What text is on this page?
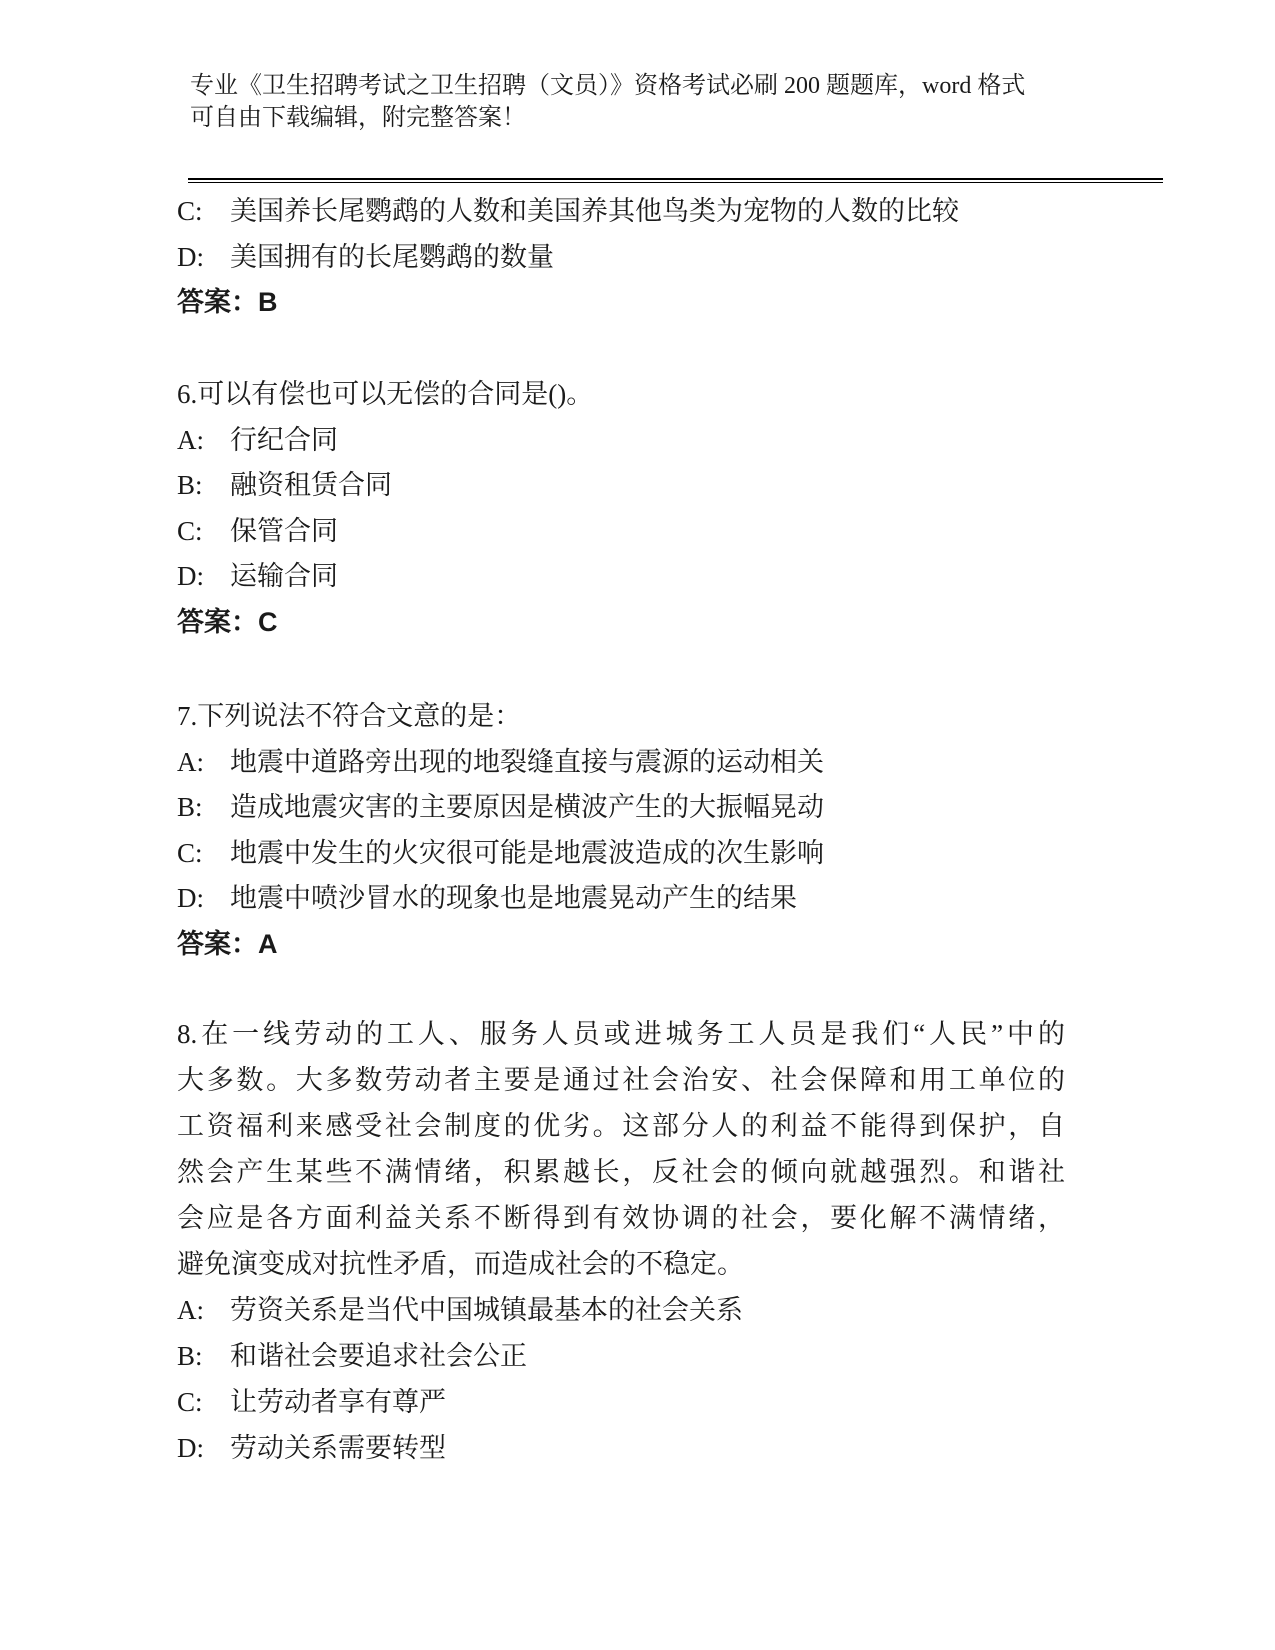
专业《卫生招聘考试之卫生招聘（文员）》资格考试必刷 200 题题库，word 格式
可自由下载编辑，附完整答案！
C: 美国养长尾鹦鹉的人数和美国养其他鸟类为宠物的人数的比较
D: 美国拥有的长尾鹦鹉的数量
答案：B
6.可以有偿也可以无偿的合同是()。
A: 行纪合同
B: 融资租赁合同
C: 保管合同
D: 运输合同
答案：C
7.下列说法不符合文意的是：
A: 地震中道路旁出现的地裂缝直接与震源的运动相关
B: 造成地震灾害的主要原因是横波产生的大振幅晃动
C: 地震中发生的火灾很可能是地震波造成的次生影响
D: 地震中喷沙冒水的现象也是地震晃动产生的结果
答案：A
8.在一线劳动的工人、服务人员或进城务工人员是我们“人民”中的
大多数。大多数劳动者主要是通过社会治安、社会保障和用工单位的
工资福利来感受社会制度的优劣。这部分人的利益不能得到保护，自
然会产生某些不满情绪，积累越长，反社会的倾向就越强烈。和谐社
会应是各方面利益关系不断得到有效协调的社会，要化解不满情绪，
避免演变成对抗性矛盾，而造成社会的不稳定。
A: 劳资关系是当代中国城镇最基本的社会关系
B: 和谐社会要追求社会公正
C: 让劳动者享有尊严
D: 劳动关系需要转型
